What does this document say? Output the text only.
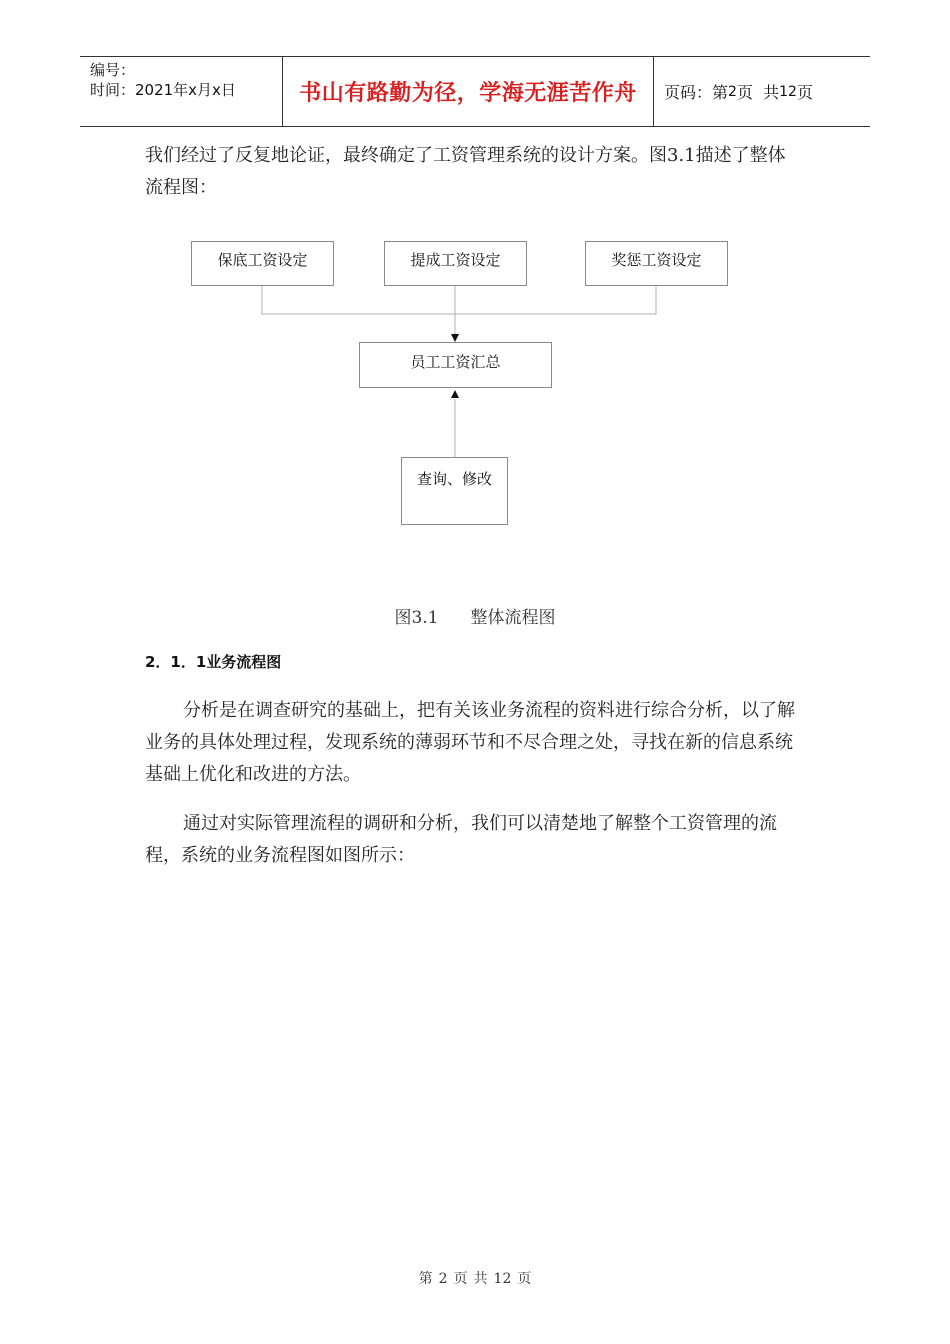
编号：
时间：2021年x月x日	书山有路勤为径，学海无涯苦作舟	页码：第 2 页  共 12 页

我们经过了反复地论证，最终确定了工资管理系统的设计方案。图3.1描述了整体流程图：

保底工资设定	提成工资设定	奖惩工资设定
员工工资汇总
查询、修改
图3.1 整体流程图
2．1．1业务流程图

分析是在调查研究的基础上，把有关该业务流程的资料进行综合分析，以了解业务的具体处理过程，发现系统的薄弱环节和不尽合理之处，寻找在新的信息系统基础上优化和改进的方法。

通过对实际管理流程的调研和分析，我们可以清楚地了解整个工资管理的流程，系统的业务流程图如图所示：

第 2 页 共 12 页
